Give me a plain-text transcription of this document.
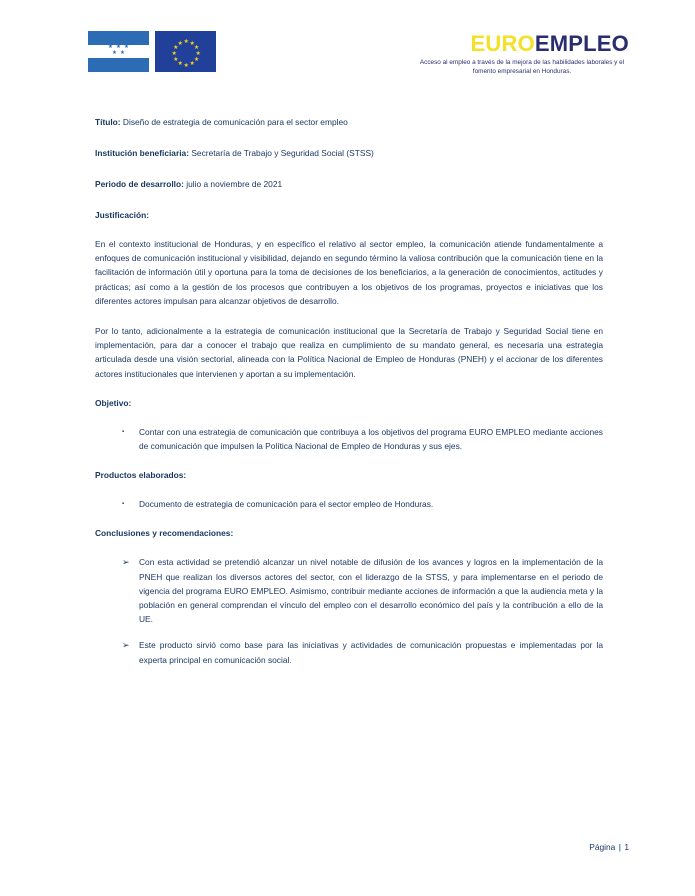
★ ★ ★
★ ★
★ ★
★
★
★
★
★
★
★
★
★
★	EUROEMPLEO
Acceso al empleo a través de la mejora de las habilidades laborales y el fomento empresarial en Honduras.
Título: Diseño de estrategia de comunicación para el sector empleo
Institución beneficiaria: Secretaría de Trabajo y Seguridad Social (STSS)
Periodo de desarrollo: julio a noviembre de 2021
Justificación:
En el contexto institucional de Honduras, y en específico el relativo al sector empleo, la comunicación atiende fundamentalmente a enfoques de comunicación institucional y visibilidad, dejando en segundo término la valiosa contribución que la comunicación tiene en la facilitación de información útil y oportuna para la toma de decisiones de los beneficiarios, a la generación de conocimientos, actitudes y prácticas; así como a la gestión de los procesos que contribuyen a los objetivos de los programas, proyectos e iniciativas que los diferentes actores impulsan para alcanzar objetivos de desarrollo.
Por lo tanto, adicionalmente a la estrategia de comunicación institucional que la Secretaría de Trabajo y Seguridad Social tiene en implementación, para dar a conocer el trabajo que realiza en cumplimiento de su mandato general, es necesaria una estrategia articulada desde una visión sectorial, alineada con la Política Nacional de Empleo de Honduras (PNEH) y el accionar de los diferentes actores institucionales que intervienen y aportan a su implementación.
Objetivo:
▪ Contar con una estrategia de comunicación que contribuya a los objetivos del programa EURO EMPLEO mediante acciones de comunicación que impulsen la Política Nacional de Empleo de Honduras y sus ejes.
Productos elaborados:
▪ Documento de estrategia de comunicación para el sector empleo de Honduras.
Conclusiones y recomendaciones:
➢ Con esta actividad se pretendió alcanzar un nivel notable de difusión de los avances y logros en la implementación de la PNEH que realizan los diversos actores del sector, con el liderazgo de la STSS, y para implementarse en el periodo de vigencia del programa EURO EMPLEO. Asimismo, contribuir mediante acciones de información a que la audiencia meta y la población en general comprendan el vínculo del empleo con el desarrollo económico del país y la contribución a ello de la UE.
➢ Este producto sirvió como base para las iniciativas y actividades de comunicación propuestas e implementadas por la experta principal en comunicación social.
Página | 1
